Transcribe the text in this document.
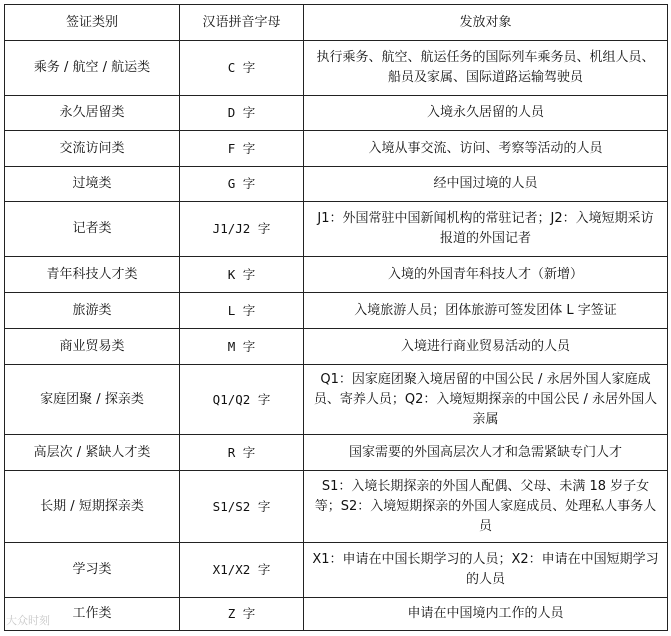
签证类别	汉语拼音字母	发放对象
乘务 / 航空 / 航运类	C 字	执行乘务、航空、航运任务的国际列车乘务员、机组人员、船员及家属、国际道路运输驾驶员
永久居留类	D 字	入境永久居留的人员
交流访问类	F 字	入境从事交流、访问、考察等活动的人员
过境类	G 字	经中国过境的人员
记者类	J1/J2 字	J1：外国常驻中国新闻机构的常驻记者；J2：入境短期采访报道的外国记者
青年科技人才类	K 字	入境的外国青年科技人才（新增）
旅游类	L 字	入境旅游人员；团体旅游可签发团体 L 字签证
商业贸易类	M 字	入境进行商业贸易活动的人员
家庭团聚 / 探亲类	Q1/Q2 字	Q1：因家庭团聚入境居留的中国公民 / 永居外国人家庭成员、寄养人员；Q2：入境短期探亲的中国公民 / 永居外国人亲属
高层次 / 紧缺人才类	R 字	国家需要的外国高层次人才和急需紧缺专门人才
长期 / 短期探亲类	S1/S2 字	S1：入境长期探亲的外国人配偶、父母、未满 18 岁子女等；S2：入境短期探亲的外国人家庭成员、处理私人事务人员
学习类	X1/X2 字	X1：申请在中国长期学习的人员；X2：申请在中国短期学习的人员
工作类	Z 字	申请在中国境内工作的人员
大众时刻
